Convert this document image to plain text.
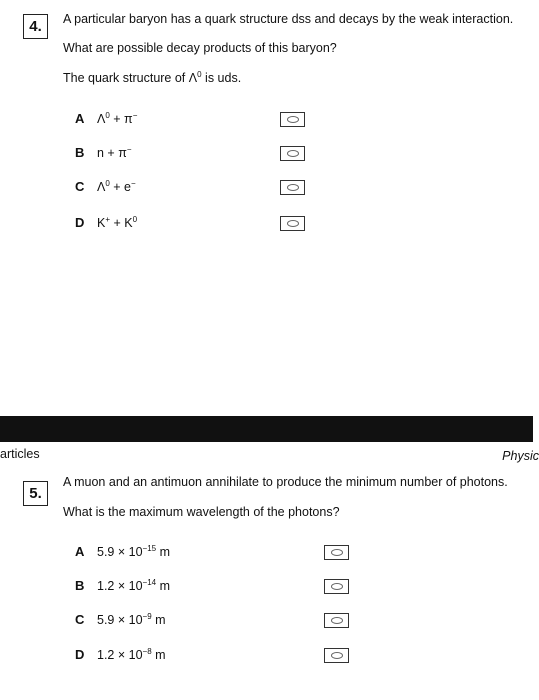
4.	A particular baryon has a quark structure dss and decays by the weak interaction.
What are possible decay products of this baryon?
The quark structure of $\Lambda^0$ is uds.
A $\Lambda^0 + \pi^-$
B n + π−
C $\Lambda^0 + e^-$
D $K^+ + K^0$
articles	Physic
5.
A muon and an antimuon annihilate to produce the minimum number of photons.
What is the maximum wavelength of the photons?
A $5.9 \times 10^{-15}$ m
B $1.2 \times 10^{-14}$ m
C $5.9 \times 10^{-9}$ m
D $1.2 \times 10^{-8}$ m
